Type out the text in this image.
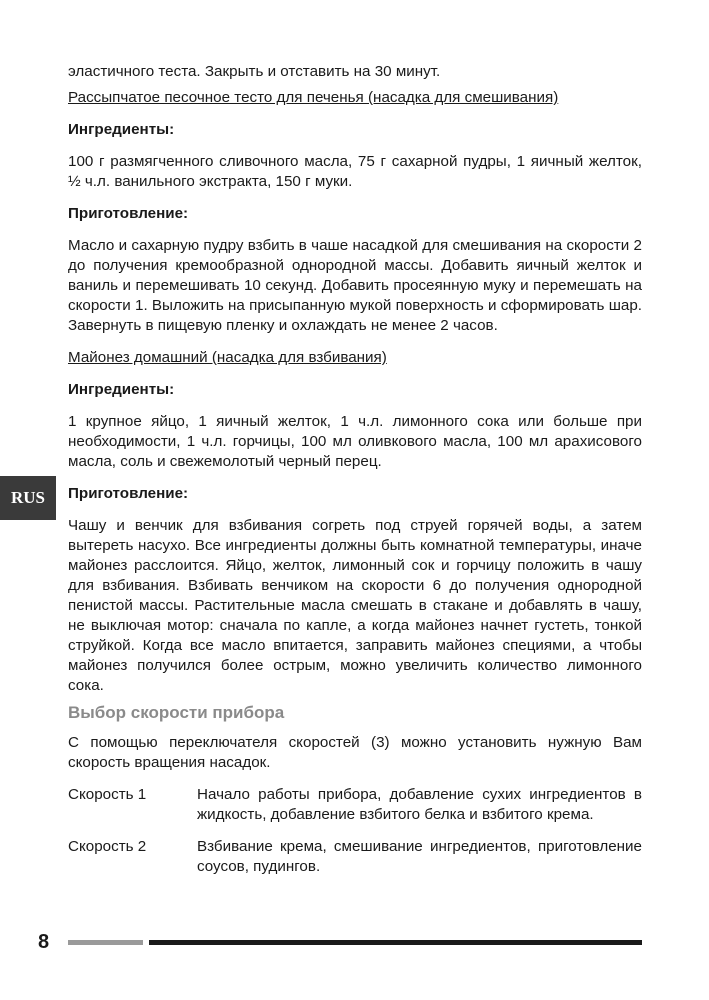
RUS

эластичного теста. Закрыть и отставить на 30 минут.

Рассыпчатое песочное тесто для печенья (насадка для смешивания)

Ингредиенты:

100 г размягченного сливочного масла, 75 г сахарной пудры, 1 яичный желток, ½ ч.л. ванильного экстракта, 150 г муки.

Приготовление:

Масло и сахарную пудру взбить в чаше насадкой для смешивания на скорости 2 до получения кремообразной однородной массы. Добавить яичный желток и ваниль и перемешивать 10 секунд. Добавить просеянную муку и перемешать на скорости 1. Выложить на присыпанную мукой поверхность и сформировать шар. Завернуть в пищевую пленку и охлаждать не менее 2 часов.

Майонез домашний (насадка для взбивания)

Ингредиенты:

1 крупное яйцо, 1 яичный желток, 1 ч.л. лимонного сока или больше при необходимости, 1 ч.л. горчицы, 100 мл оливкового масла, 100 мл арахисового масла, соль и свежемолотый черный перец.

Приготовление:

Чашу и венчик для взбивания согреть под струей горячей воды, а затем вытереть насухо. Все ингредиенты должны быть комнатной температуры, иначе майонез расслоится. Яйцо, желток, лимонный сок и горчицу положить в чашу для взбивания. Взбивать венчиком на скорости 6 до получения однородной пенистой массы. Растительные масла смешать в стакане и добавлять в чашу, не выключая мотор: сначала по капле, а когда майонез начнет густеть, тонкой струйкой. Когда все масло впитается, заправить майонез специями, а чтобы майонез получился более острым, можно увеличить количество лимонного сока.

Выбор скорости прибора

С помощью переключателя скоростей (3) можно установить нужную Вам скорость вращения насадок.

Скорость 1	Начало работы прибора, добавление сухих ингредиентов в жидкость, добавление взбитого белка и взбитого крема.
Скорость 2	Взбивание крема, смешивание ингредиентов, приготовление соусов, пудингов.
8
